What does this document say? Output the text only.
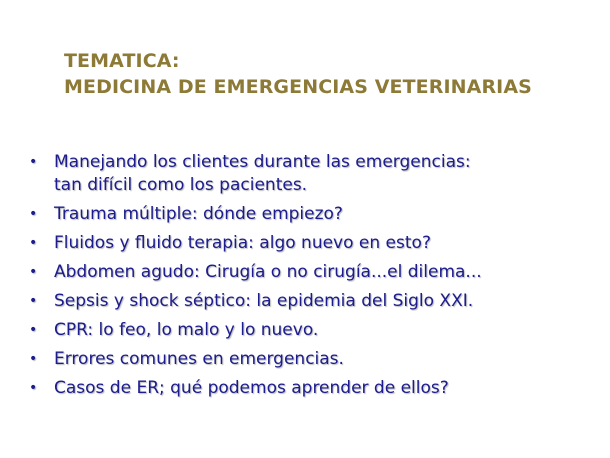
TEMATICA:
MEDICINA DE EMERGENCIAS VETERINARIAS
• Manejando los clientes durante las emergencias:
tan difícil como los pacientes.
• Trauma múltiple: dónde empiezo?
• Fluidos y fluido terapia: algo nuevo en esto?
• Abdomen agudo: Cirugía o no cirugía...el dilema...
• Sepsis y shock séptico: la epidemia del Siglo XXI.
• CPR: lo feo, lo malo y lo nuevo.
• Errores comunes en emergencias.
• Casos de ER; qué podemos aprender de ellos?
